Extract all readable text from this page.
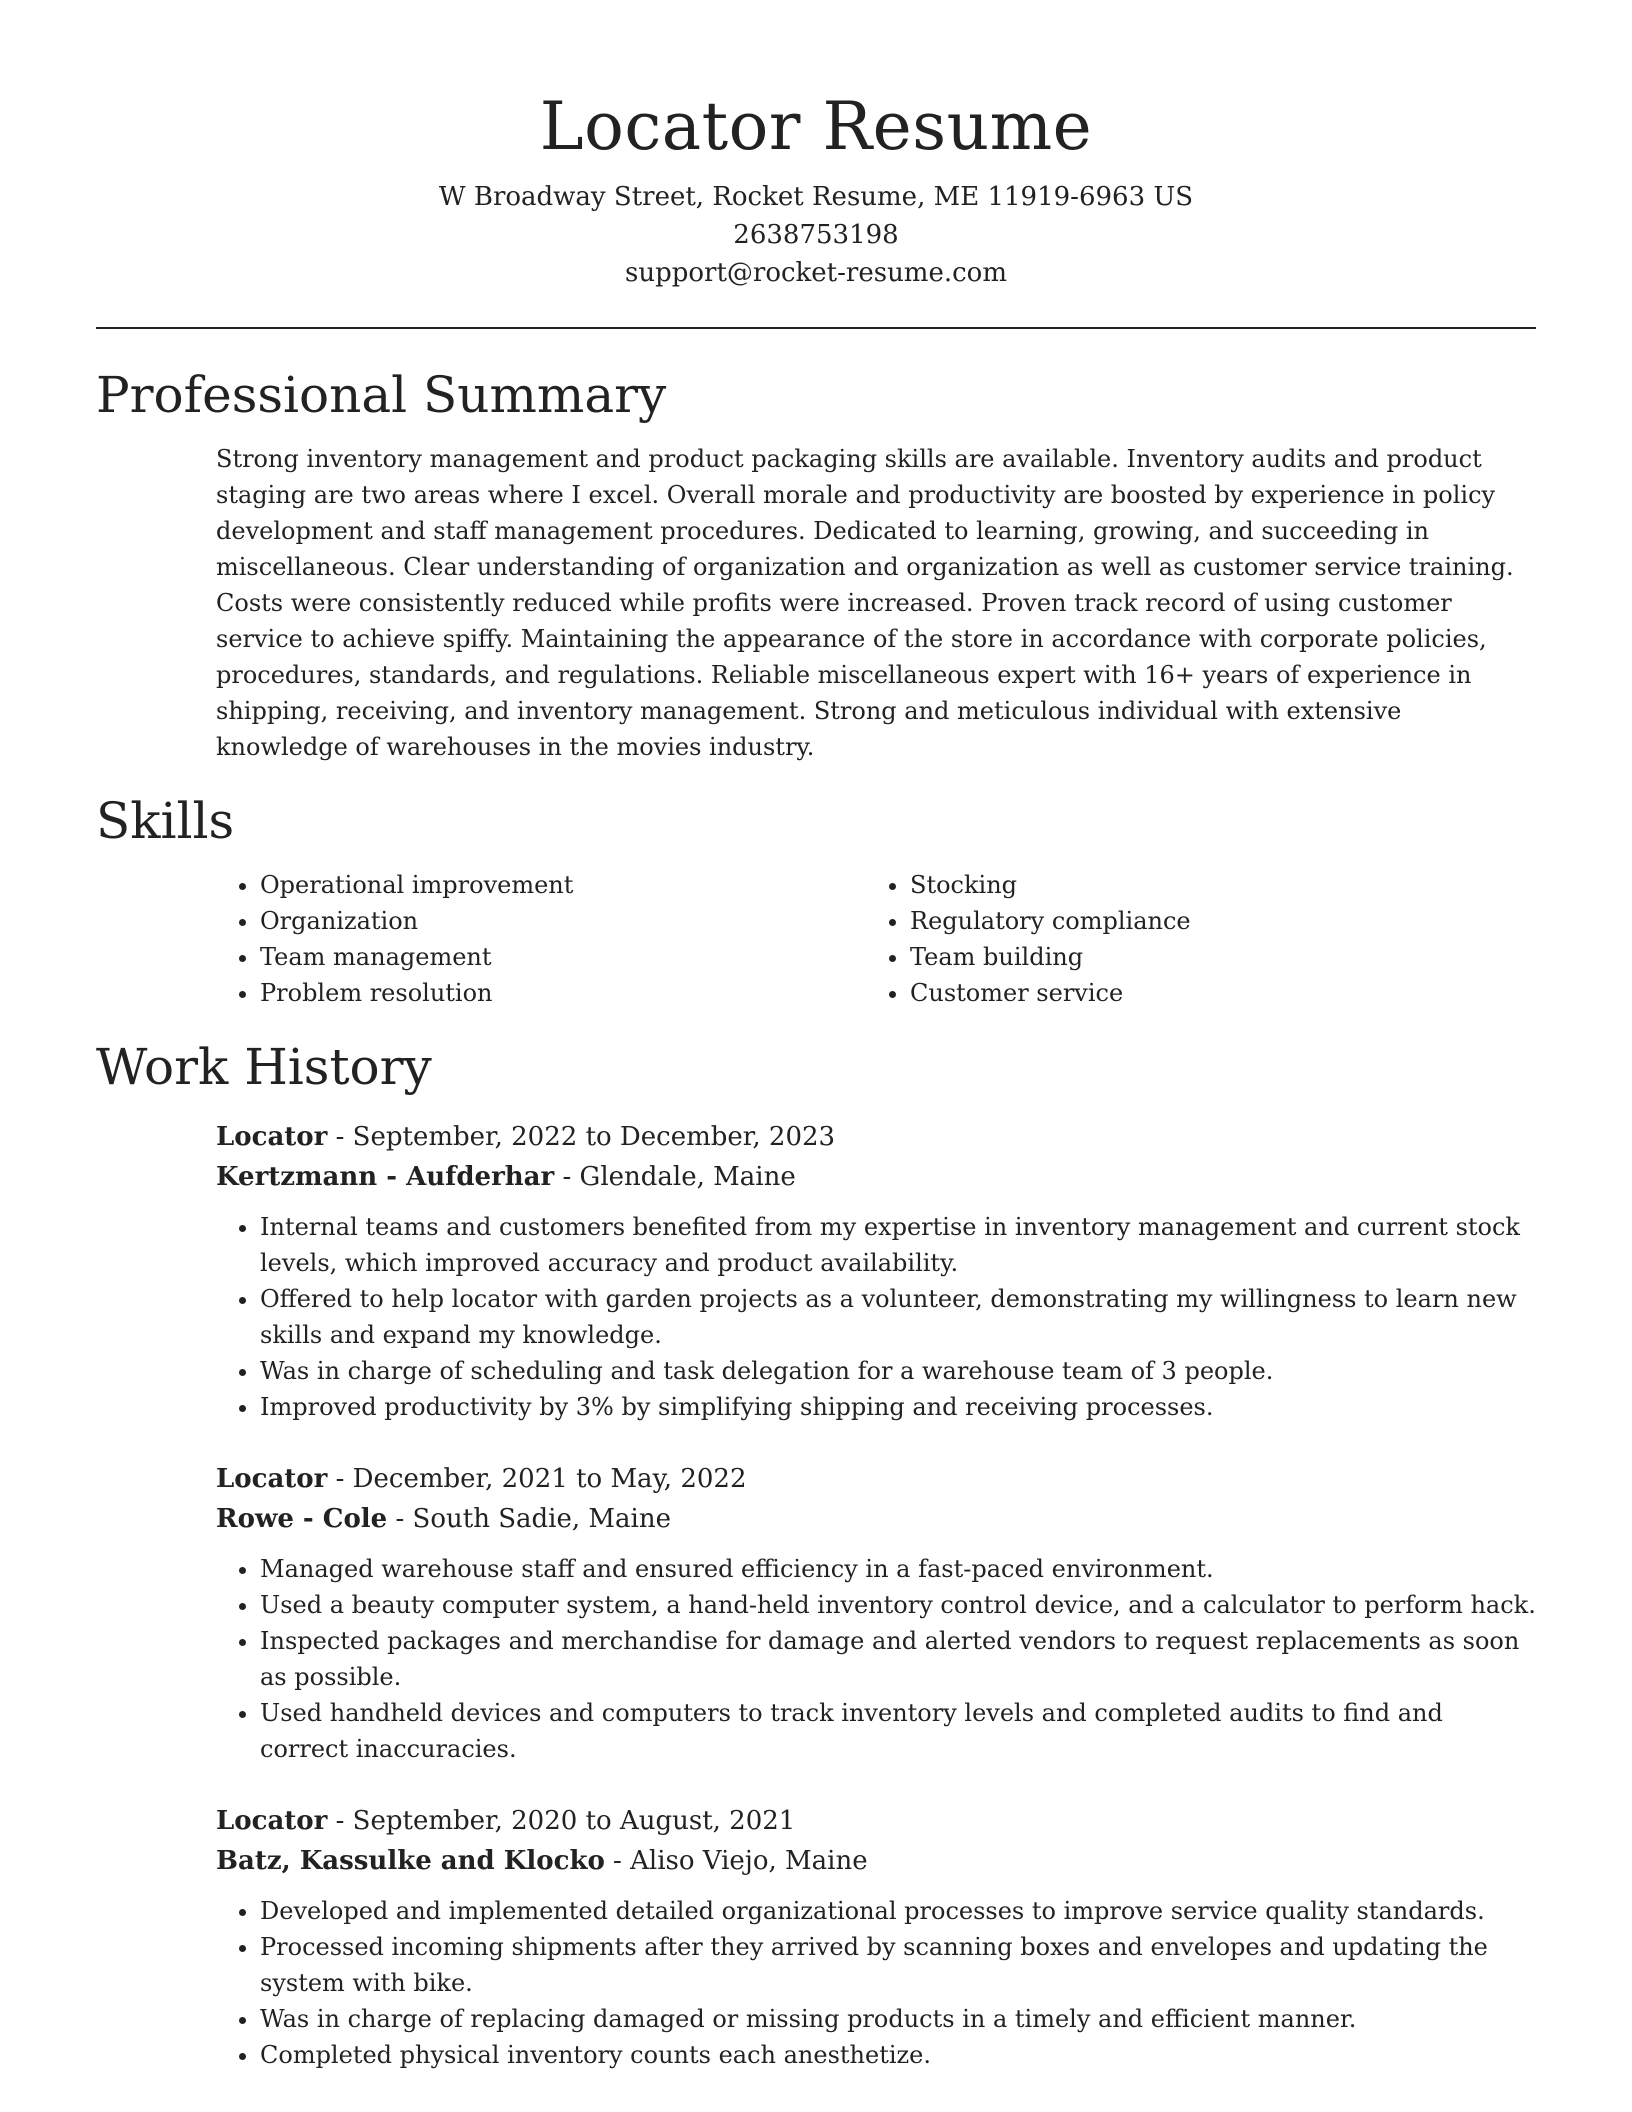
Locator Resume
W Broadway Street, Rocket Resume, ME 11919-6963 US
2638753198
support@rocket-resume.com
Professional Summary

Strong inventory management and product packaging skills are available. Inventory audits and product staging are two areas where I excel. Overall morale and productivity are boosted by experience in policy development and staff management procedures. Dedicated to learning, growing, and succeeding in miscellaneous. Clear understanding of organization and organization as well as customer service training. Costs were consistently reduced while profits were increased. Proven track record of using customer service to achieve spiffy. Maintaining the appearance of the store in accordance with corporate policies, procedures, standards, and regulations. Reliable miscellaneous expert with 16+ years of experience in shipping, receiving, and inventory management. Strong and meticulous individual with extensive knowledge of warehouses in the movies industry.

Skills
• Operational improvement
• Organization
• Team management
• Problem resolution
• Stocking
• Regulatory compliance
• Team building
• Customer service
Work History
Locator - September, 2022 to December, 2023
Kertzmann - Aufderhar - Glendale, Maine
• Internal teams and customers benefited from my expertise in inventory management and current stock levels, which improved accuracy and product availability.
• Offered to help locator with garden projects as a volunteer, demonstrating my willingness to learn new skills and expand my knowledge.
• Was in charge of scheduling and task delegation for a warehouse team of 3 people.
• Improved productivity by 3% by simplifying shipping and receiving processes.
Locator - December, 2021 to May, 2022
Rowe - Cole - South Sadie, Maine
• Managed warehouse staff and ensured efficiency in a fast-paced environment.
• Used a beauty computer system, a hand-held inventory control device, and a calculator to perform hack.
• Inspected packages and merchandise for damage and alerted vendors to request replacements as soon as possible.
• Used handheld devices and computers to track inventory levels and completed audits to find and correct inaccuracies.
Locator - September, 2020 to August, 2021
Batz, Kassulke and Klocko - Aliso Viejo, Maine
• Developed and implemented detailed organizational processes to improve service quality standards.
• Processed incoming shipments after they arrived by scanning boxes and envelopes and updating the system with bike.
• Was in charge of replacing damaged or missing products in a timely and efficient manner.
• Completed physical inventory counts each anesthetize.
